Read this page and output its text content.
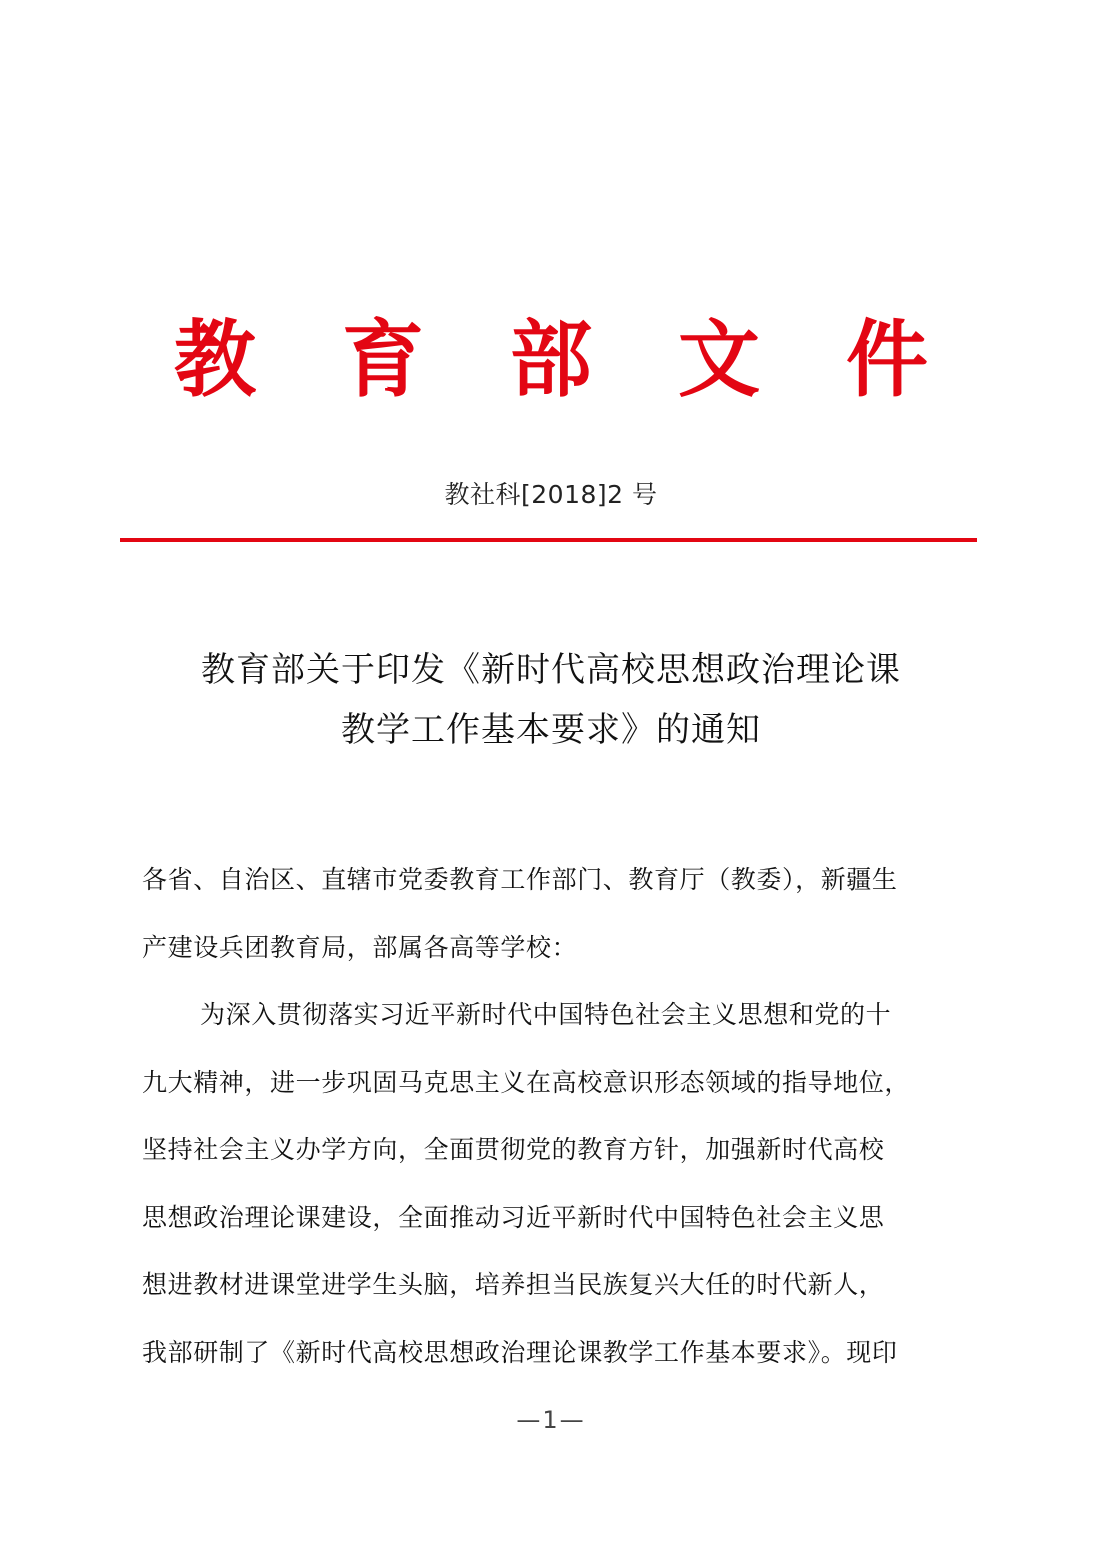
教 育 部 文 件
教社科[2018]2 号
教育部关于印发《新时代高校思想政治理论课
教学工作基本要求》的通知
各省、自治区、直辖市党委教育工作部门、教育厅（教委），新疆生
产建设兵团教育局，部属各高等学校：
为深入贯彻落实习近平新时代中国特色社会主义思想和党的十
九大精神，进一步巩固马克思主义在高校意识形态领域的指导地位，
坚持社会主义办学方向，全面贯彻党的教育方针，加强新时代高校
思想政治理论课建设，全面推动习近平新时代中国特色社会主义思
想进教材进课堂进学生头脑，培养担当民族复兴大任的时代新人，
我部研制了《新时代高校思想政治理论课教学工作基本要求》。现印
—1—
